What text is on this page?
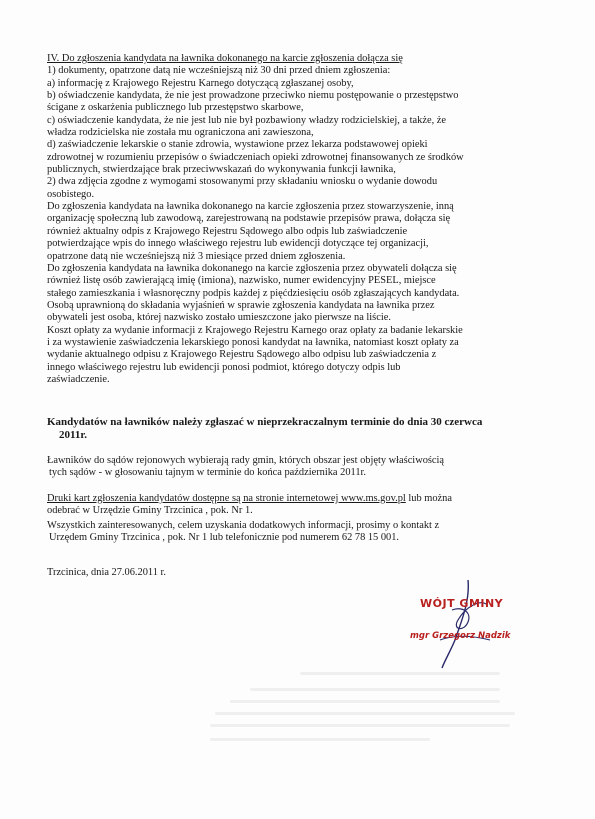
IV. Do zgłoszenia kandydata na ławnika dokonanego na karcie zgłoszenia dołącza się

1) dokumenty, opatrzone datą nie wcześniejszą niż 30 dni przed dniem zgłoszenia:

a) informację z Krajowego Rejestru Karnego dotyczącą zgłaszanej osoby,

b) oświadczenie kandydata, że nie jest prowadzone przeciwko niemu postępowanie o przestępstwo

ścigane z oskarżenia publicznego lub przestępstwo skarbowe,

c) oświadczenie kandydata, że nie jest lub nie był pozbawiony władzy rodzicielskiej, a także, że

władza rodzicielska nie została mu ograniczona ani zawieszona,

d) zaświadczenie lekarskie o stanie zdrowia, wystawione przez lekarza podstawowej opieki

zdrowotnej w rozumieniu przepisów o świadczeniach opieki zdrowotnej finansowanych ze środków

publicznych, stwierdzające brak przeciwwskazań do wykonywania funkcji ławnika,

2) dwa zdjęcia zgodne z wymogami stosowanymi przy składaniu wniosku o wydanie dowodu

osobistego.

Do zgłoszenia kandydata na ławnika dokonanego na karcie zgłoszenia przez stowarzyszenie, inną

organizację społeczną lub zawodową, zarejestrowaną na podstawie przepisów prawa, dołącza się

również aktualny odpis z Krajowego Rejestru Sądowego albo odpis lub zaświadczenie

potwierdzające wpis do innego właściwego rejestru lub ewidencji dotyczące tej organizacji,

opatrzone datą nie wcześniejszą niż 3 miesiące przed dniem zgłoszenia.

Do zgłoszenia kandydata na ławnika dokonanego na karcie zgłoszenia przez obywateli dołącza się

również listę osób zawierającą imię (imiona), nazwisko, numer ewidencyjny PESEL, miejsce

stałego zamieszkania i własnoręczny podpis każdej z pięćdziesięciu osób zgłaszających kandydata.

Osobą uprawnioną do składania wyjaśnień w sprawie zgłoszenia kandydata na ławnika przez

obywateli jest osoba, której nazwisko zostało umieszczone jako pierwsze na liście.

Koszt opłaty za wydanie informacji z Krajowego Rejestru Karnego oraz opłaty za badanie lekarskie

i za wystawienie zaświadczenia lekarskiego ponosi kandydat na ławnika, natomiast koszt opłaty za

wydanie aktualnego odpisu z Krajowego Rejestru Sądowego albo odpisu lub zaświadczenia z

innego właściwego rejestru lub ewidencji ponosi podmiot, którego dotyczy odpis lub

zaświadczenie.

Kandydatów na ławników należy zgłaszać w nieprzekraczalnym terminie do dnia 30 czerwca

2011r.

Ławników do sądów rejonowych wybierają rady gmin, których obszar jest objęty właściwością

tych sądów - w głosowaniu tajnym w terminie do końca października 2011r.

Druki kart zgłoszenia kandydatów dostępne są na stronie internetowej www.ms.gov.pl lub można

odebrać w Urzędzie Gminy Trzcinica , pok. Nr 1.

Wszystkich zainteresowanych, celem uzyskania dodatkowych informacji, prosimy o kontakt z

Urzędem Gminy Trzcinica , pok. Nr 1 lub telefonicznie pod numerem 62 78 15 001.

Trzcinica, dnia 27.06.2011 r.

WÓJT GMINY
mgr Grzegorz Nadzik
